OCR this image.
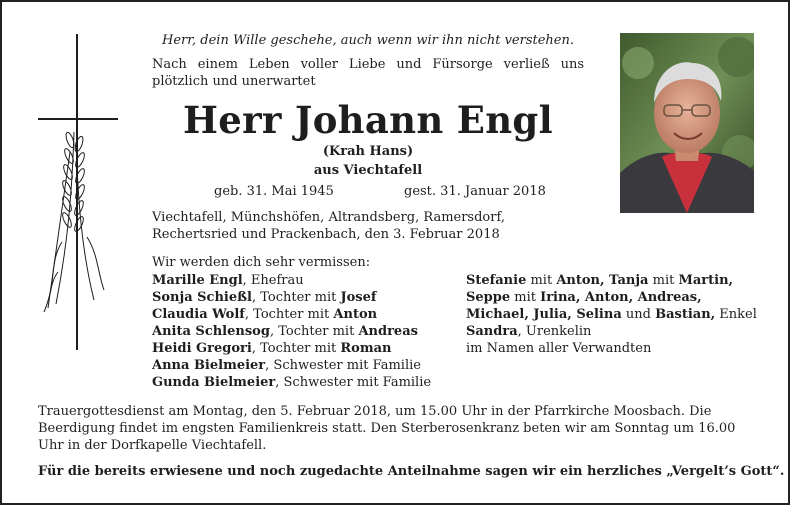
Herr, dein Wille geschehe, auch wenn wir ihn nicht verstehen.
Nach einem Leben voller Liebe und Fürsorge verließ uns plötzlich und unerwartet
Herr Johann Engl
(Krah Hans)
aus Viechtafell
geb. 31. Mai 1945	gest. 31. Januar 2018
Viechtafell, Münchshöfen, Altrandsberg, Ramersdorf, Rechertsried und Prackenbach, den 3. Februar 2018
Wir werden dich sehr vermissen:
Marille Engl, Ehefrau
Sonja Schießl, Tochter mit Josef
Claudia Wolf, Tochter mit Anton
Anita Schlensog, Tochter mit Andreas
Heidi Gregori, Tochter mit Roman
Anna Bielmeier, Schwester mit Familie
Gunda Bielmeier, Schwester mit Familie
Stefanie mit Anton, Tanja mit Martin,
Seppe mit Irina, Anton, Andreas,
Michael, Julia, Selina und Bastian, Enkel
Sandra, Urenkelin
im Namen aller Verwandten
Trauergottesdienst am Montag, den 5. Februar 2018, um 15.00 Uhr in der Pfarrkirche Moosbach. Die Beerdigung findet im engsten Familienkreis statt. Den Sterberosenkranz beten wir am Sonntag um 16.00 Uhr in der Dorfkapelle Viechtafell.
Für die bereits erwiesene und noch zugedachte Anteilnahme sagen wir ein herzliches „Vergelt’s Gott“.
